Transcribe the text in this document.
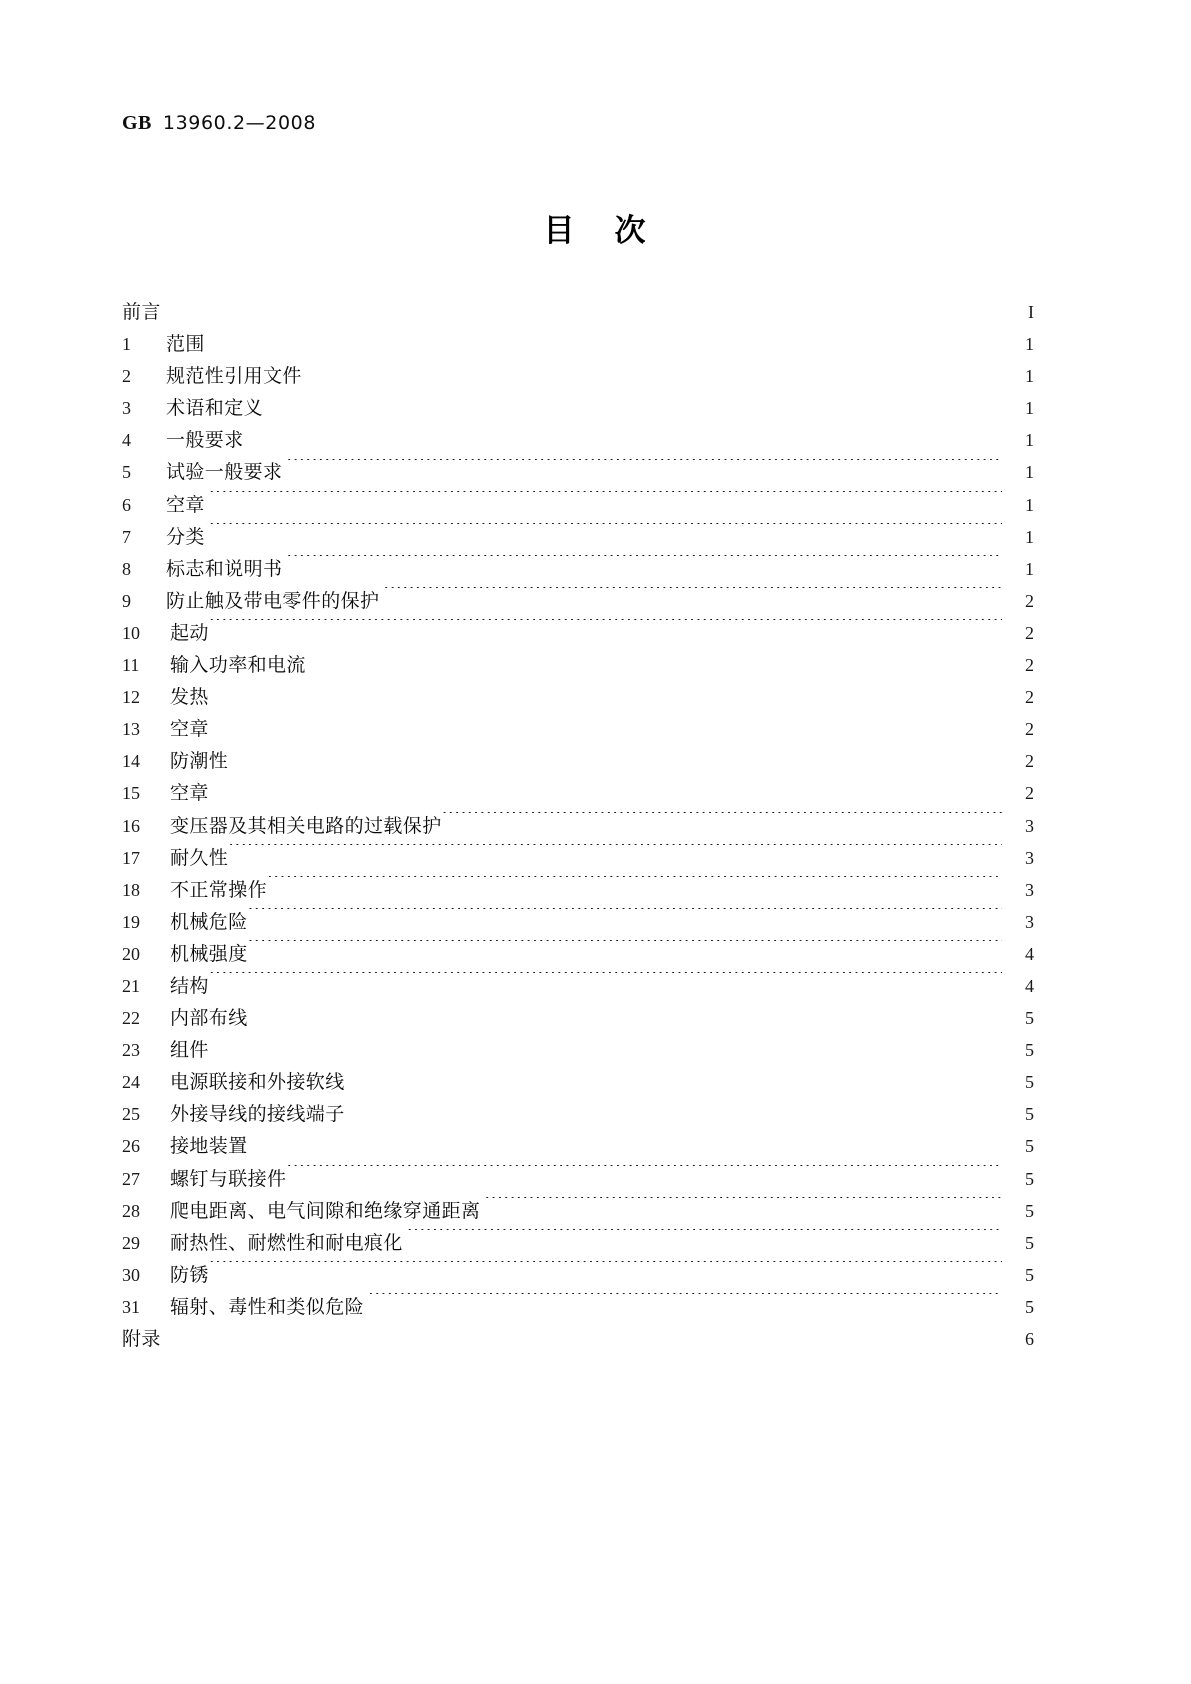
GB 13960.2—2008
目 次
前言 ·····	I
1	范围 ·····	1
2	规范性引用文件 ·····	1
3	术语和定义 ·····	1
4	一般要求 ·····	1
5	试验一般要求 ·····	1
6	空章 ·····	1
7	分类 ·····	1
8	标志和说明书 ·····	1
9	防止触及带电零件的保护 ·····	2
10	起动 ·····	2
11	输入功率和电流 ·····	2
12	发热 ·····	2
13	空章 ·····	2
14	防潮性 ·····	2
15	空章 ·····	2
16	变压器及其相关电路的过载保护 ·····	3
17	耐久性 ·····	3
18	不正常操作 ·····	3
19	机械危险 ·····	3
20	机械强度 ·····	4
21	结构 ·····	4
22	内部布线 ·····	5
23	组件 ·····	5
24	电源联接和外接软线 ·····	5
25	外接导线的接线端子 ·····	5
26	接地装置 ·····	5
27	螺钉与联接件 ·····	5
28	爬电距离、电气间隙和绝缘穿通距离 ·····	5
29	耐热性、耐燃性和耐电痕化 ·····	5
30	防锈 ·····	5
31	辐射、毒性和类似危险 ·····	5
附录 ·····	6
